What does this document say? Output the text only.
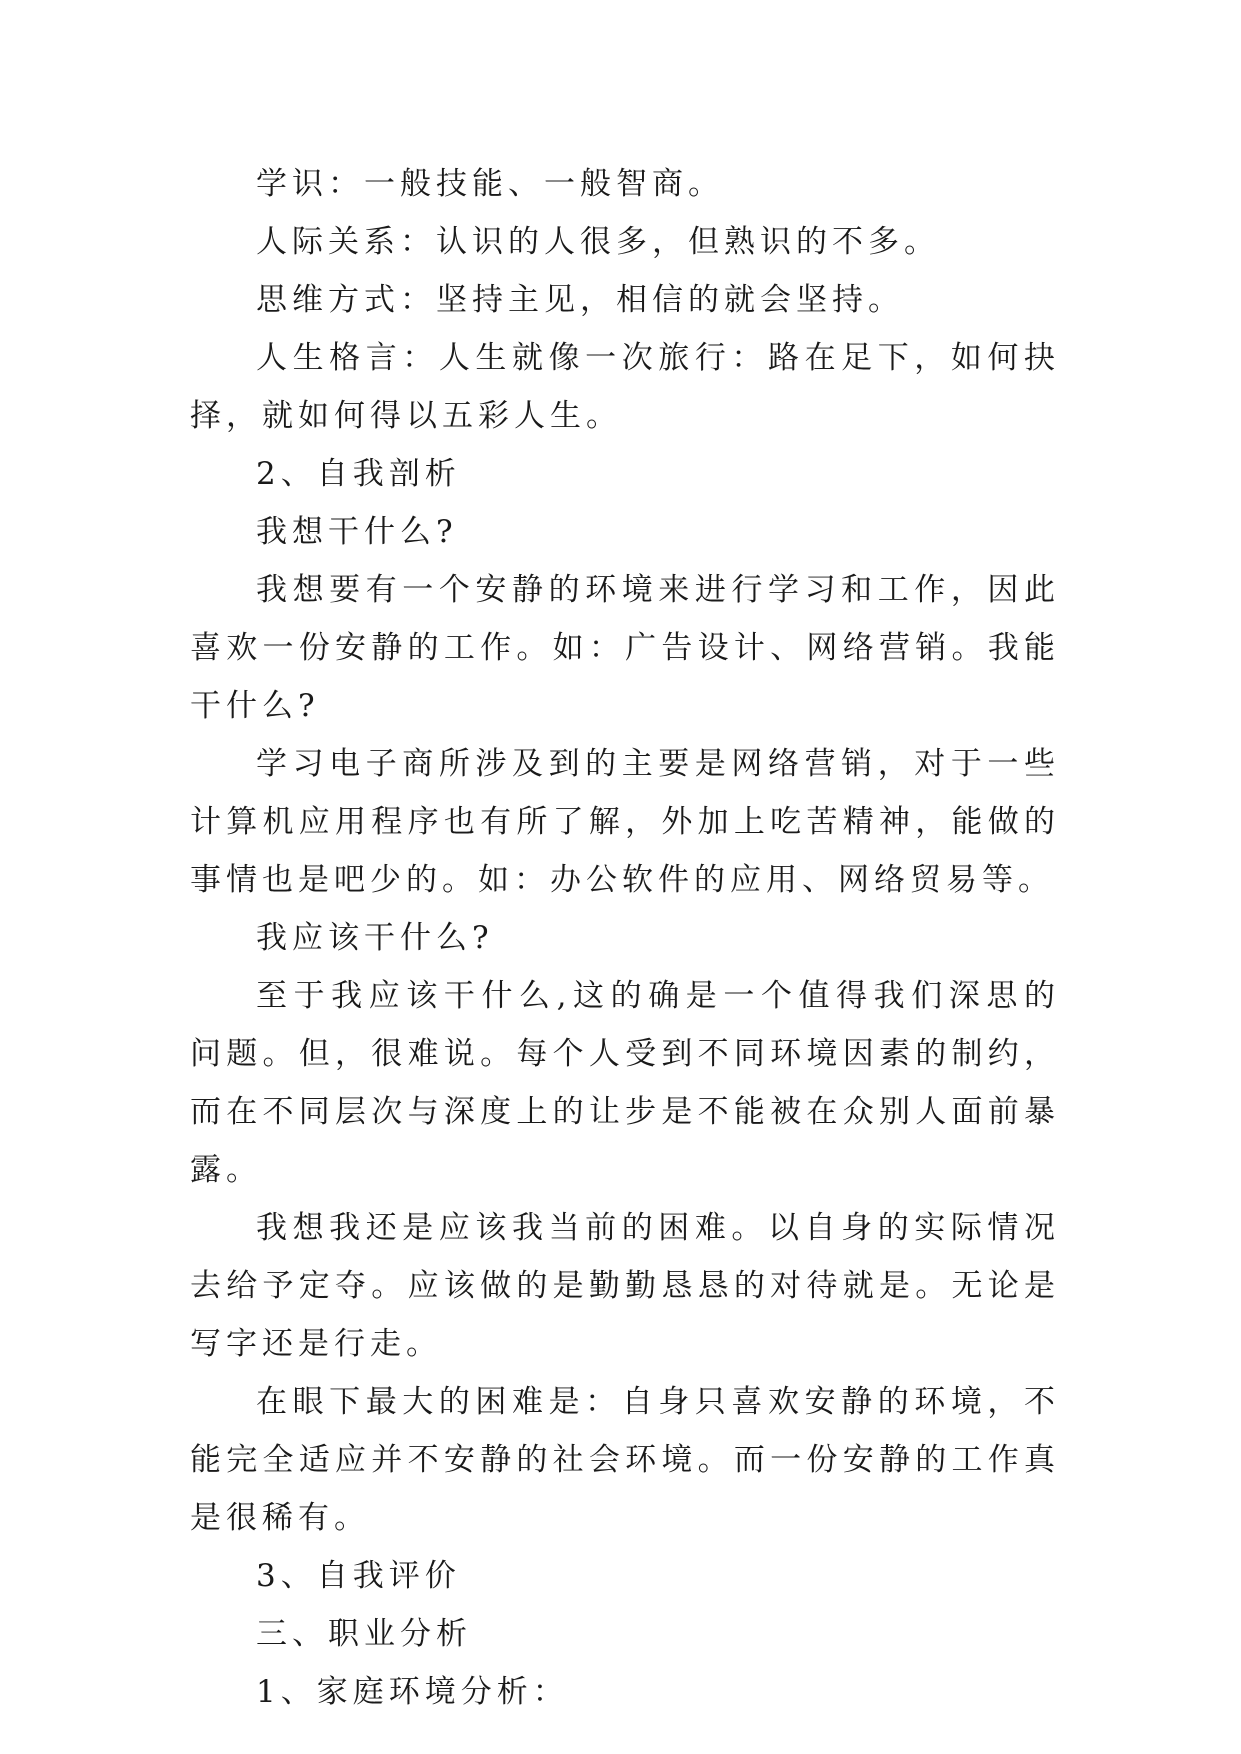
学识：一般技能、一般智商。

人际关系：认识的人很多，但熟识的不多。

思维方式：坚持主见，相信的就会坚持。

人生格言：人生就像一次旅行：路在足下，如何抉择，就如何得以五彩人生。

2、自我剖析

我想干什么?

我想要有一个安静的环境来进行学习和工作，因此喜欢一份安静的工作。如：广告设计、网络营销。我能干什么?

学习电子商所涉及到的主要是网络营销，对于一些计算机应用程序也有所了解，外加上吃苦精神，能做的事情也是吧少的。如：办公软件的应用、网络贸易等。

我应该干什么?

至于我应该干什么,这的确是一个值得我们深思的问题。但，很难说。每个人受到不同环境因素的制约，而在不同层次与深度上的让步是不能被在众别人面前暴露。

我想我还是应该我当前的困难。以自身的实际情况去给予定夺。应该做的是勤勤恳恳的对待就是。无论是写字还是行走。

在眼下最大的困难是：自身只喜欢安静的环境，不能完全适应并不安静的社会环境。而一份安静的工作真是很稀有。

3、自我评价

三、职业分析

1、家庭环境分析：
